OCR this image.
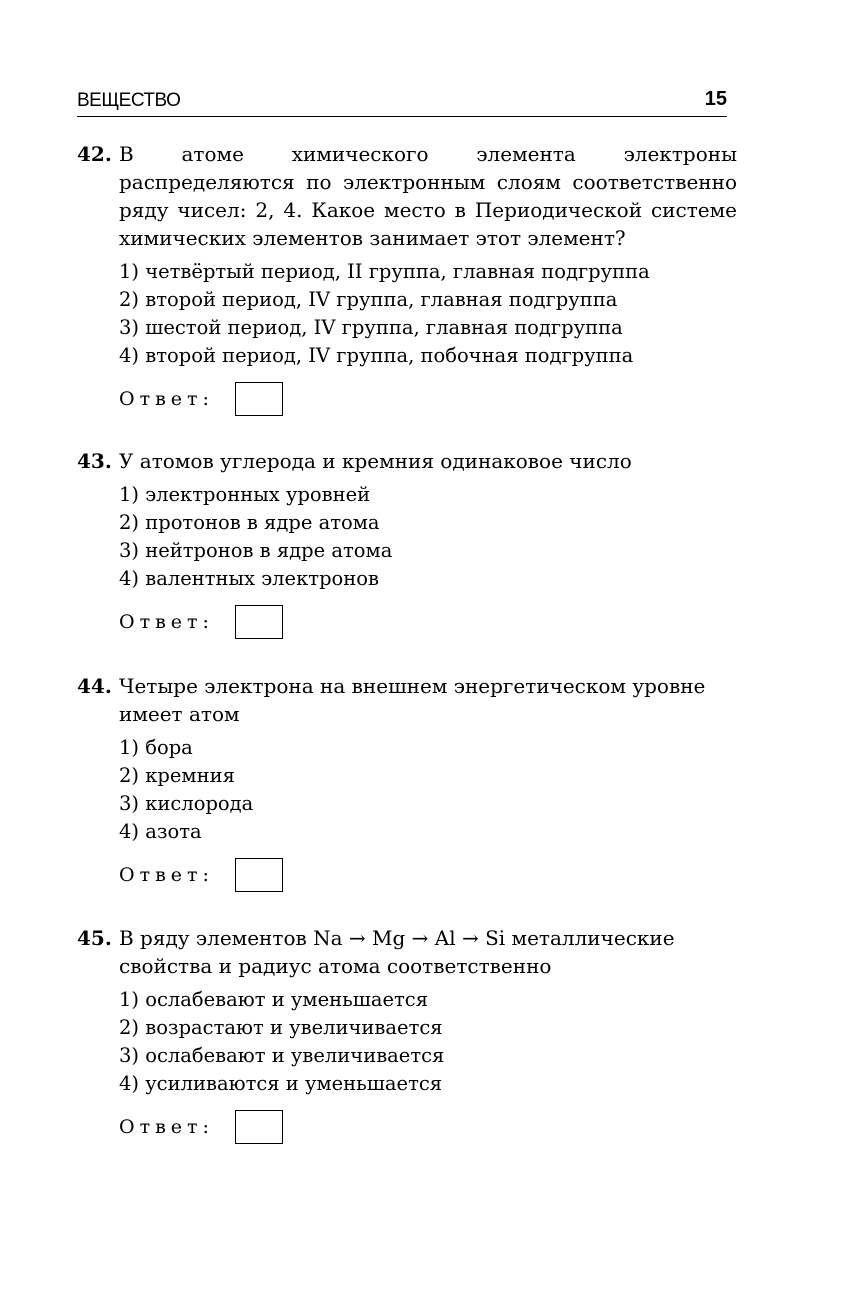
ВЕЩЕСТВО	15
42. В атоме химического элемента электроны распределяются по электронным слоям соответственно ряду чисел: 2, 4. Какое место в Периодической системе химических элементов занимает этот элемент?
1) четвёртый период, II группа, главная подгруппа
2) второй период, IV группа, главная подгруппа
3) шестой период, IV группа, главная подгруппа
4) второй период, IV группа, побочная подгруппа
Ответ:
43. У атомов углерода и кремния одинаковое число
1) электронных уровней
2) протонов в ядре атома
3) нейтронов в ядре атома
4) валентных электронов
Ответ:
44. Четыре электрона на внешнем энергетическом уровне имеет атом
1) бора
2) кремния
3) кислорода
4) азота
Ответ:
45. В ряду элементов Na → Mg → Al → Si металлические свойства и радиус атома соответственно
1) ослабевают и уменьшается
2) возрастают и увеличивается
3) ослабевают и увеличивается
4) усиливаются и уменьшается
Ответ:
